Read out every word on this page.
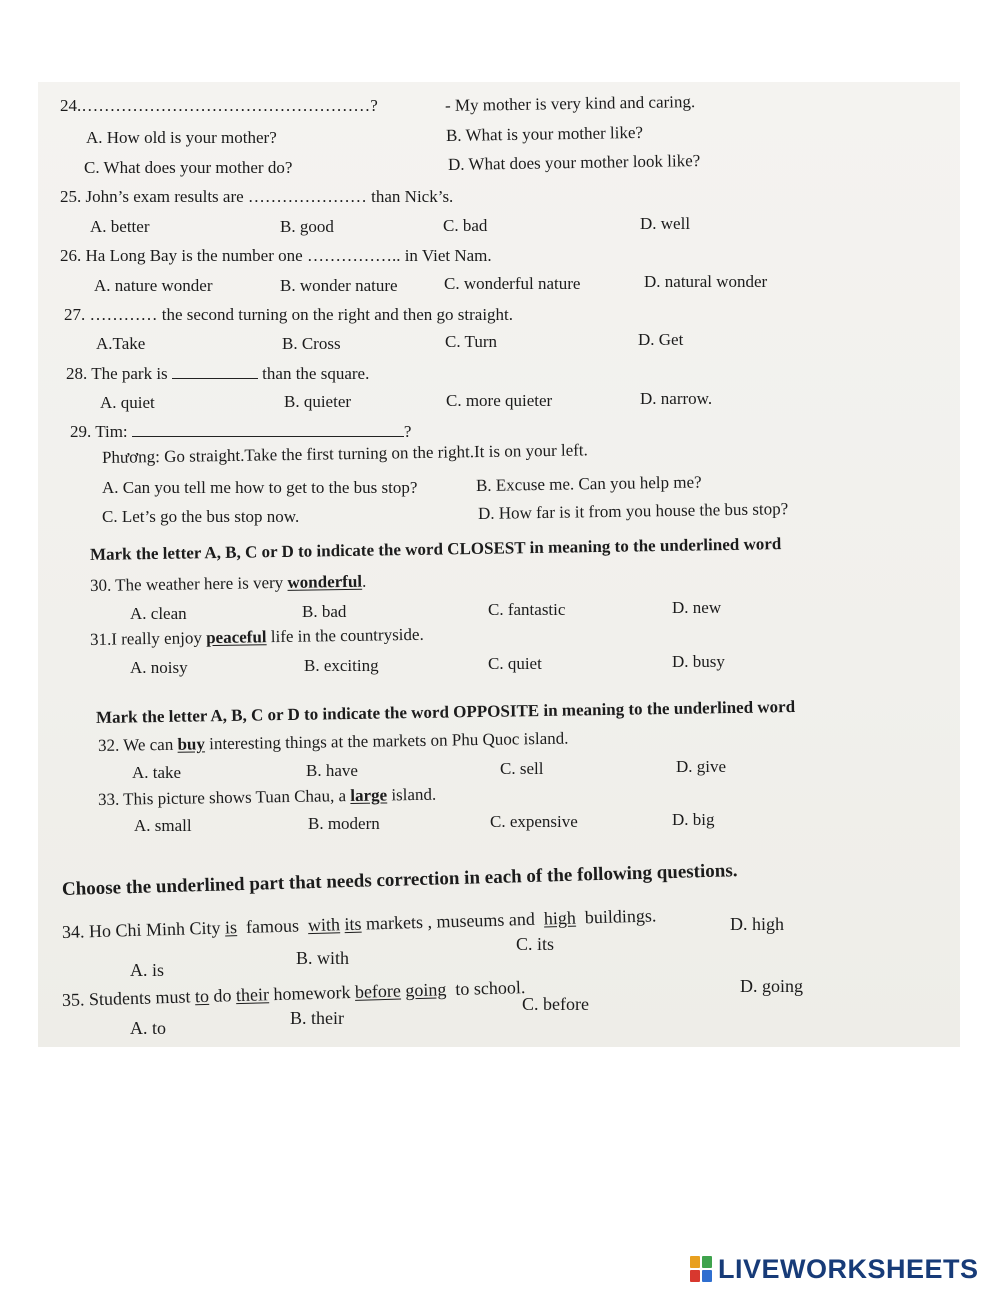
24.……………………………………………?	- My mother is very kind and caring.
A. How old is your mother?	B. What is your mother like?
C. What does your mother do?	D. What does your mother look like?
25. John’s exam results are ………………… than Nick’s.
A. better	B. good	C. bad	D. well
26. Ha Long Bay is the number one …………….. in Viet Nam.
A. nature wonder	B. wonder nature	C. wonderful nature	D. natural wonder
27. ………… the second turning on the right and then go straight.
A.Take	B. Cross	C. Turn	D. Get
28. The park is	than the square.
A. quiet	B. quieter	C. more quieter	D. narrow.
29. Tim:	?
Phương: Go straight.Take the first turning on the right.It is on your left.
A. Can you tell me how to get to the bus stop?	B. Excuse me. Can you help me?
C. Let’s go the bus stop now.	D. How far is it from you house the bus stop?
Mark the letter A, B, C or D to indicate the word CLOSEST in meaning to the underlined word
30. The weather here is very wonderful.
A. clean	B. bad	C. fantastic	D. new
31.I really enjoy peaceful life in the countryside.
A. noisy	B. exciting	C. quiet	D. busy
Mark the letter A, B, C or D to indicate the word OPPOSITE in meaning to the underlined word
32. We can buy interesting things at the markets on Phu Quoc island.
A. take	B. have	C. sell	D. give
33. This picture shows Tuan Chau, a large island.
A. small	B. modern	C. expensive	D. big
Choose the underlined part that needs correction in each of the following questions.
34. Ho Chi Minh City is famous with its markets , museums and high buildings.
A. is
B. with
C. its
D. high
35. Students must to do their homework before going to school.
A. to	B. their
C. before
D. going
LIVEWORKSHEETS
